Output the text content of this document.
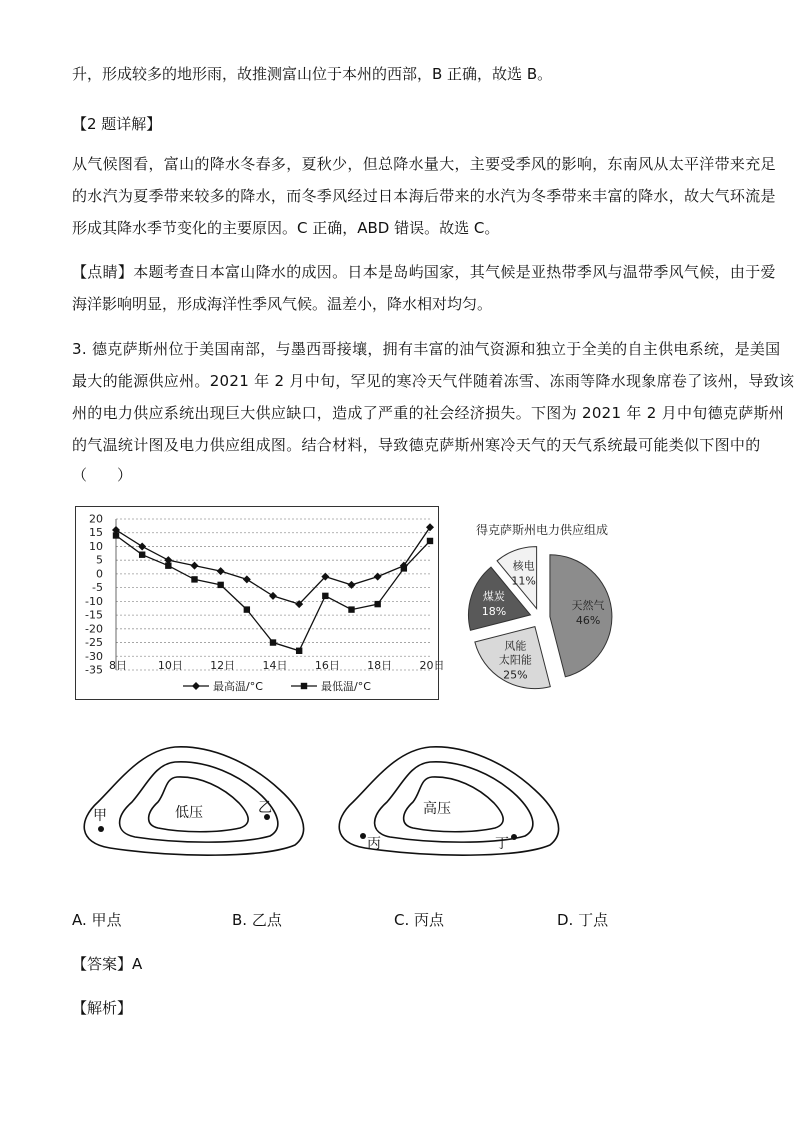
升，形成较多的地形雨，故推测富山位于本州的西部，B 正确，故选 B。
【2 题详解】
从气候图看，富山的降水冬春多，夏秋少，但总降水量大，主要受季风的影响，东南风从太平洋带来充足
的水汽为夏季带来较多的降水，而冬季风经过日本海后带来的水汽为冬季带来丰富的降水，故大气环流是
形成其降水季节变化的主要原因。C 正确，ABD 错误。故选 C。
【点睛】本题考查日本富山降水的成因。日本是岛屿国家，其气候是亚热带季风与温带季风气候，由于爱
海洋影响明显，形成海洋性季风气候。温差小，降水相对均匀。
3. 德克萨斯州位于美国南部，与墨西哥接壤，拥有丰富的油气资源和独立于全美的自主供电系统，是美国
最大的能源供应州。2021 年 2 月中旬，罕见的寒冷天气伴随着冻雪、冻雨等降水现象席卷了该州，导致该
州的电力供应系统出现巨大供应缺口，造成了严重的社会经济损失。下图为 2021 年 2 月中旬德克萨斯州
的气温统计图及电力供应组成图。结合材料，导致德克萨斯州寒冷天气的天气系统最可能类似下图中的
（　　）
20
15
10
5
0
-5
-10
-15
-20
-25
-30
-35 8日	10日 12日 14日 16日 18日 20日
最高温/°C	最低温/°C
得克萨斯州电力供应组成
天然气
46%
风能
太阳能
25%
煤炭
18%
核电
11%
低压
甲	乙	高压
丙	丁
A. 甲点	B. 乙点	C. 丙点	D. 丁点
【答案】A
【解析】
